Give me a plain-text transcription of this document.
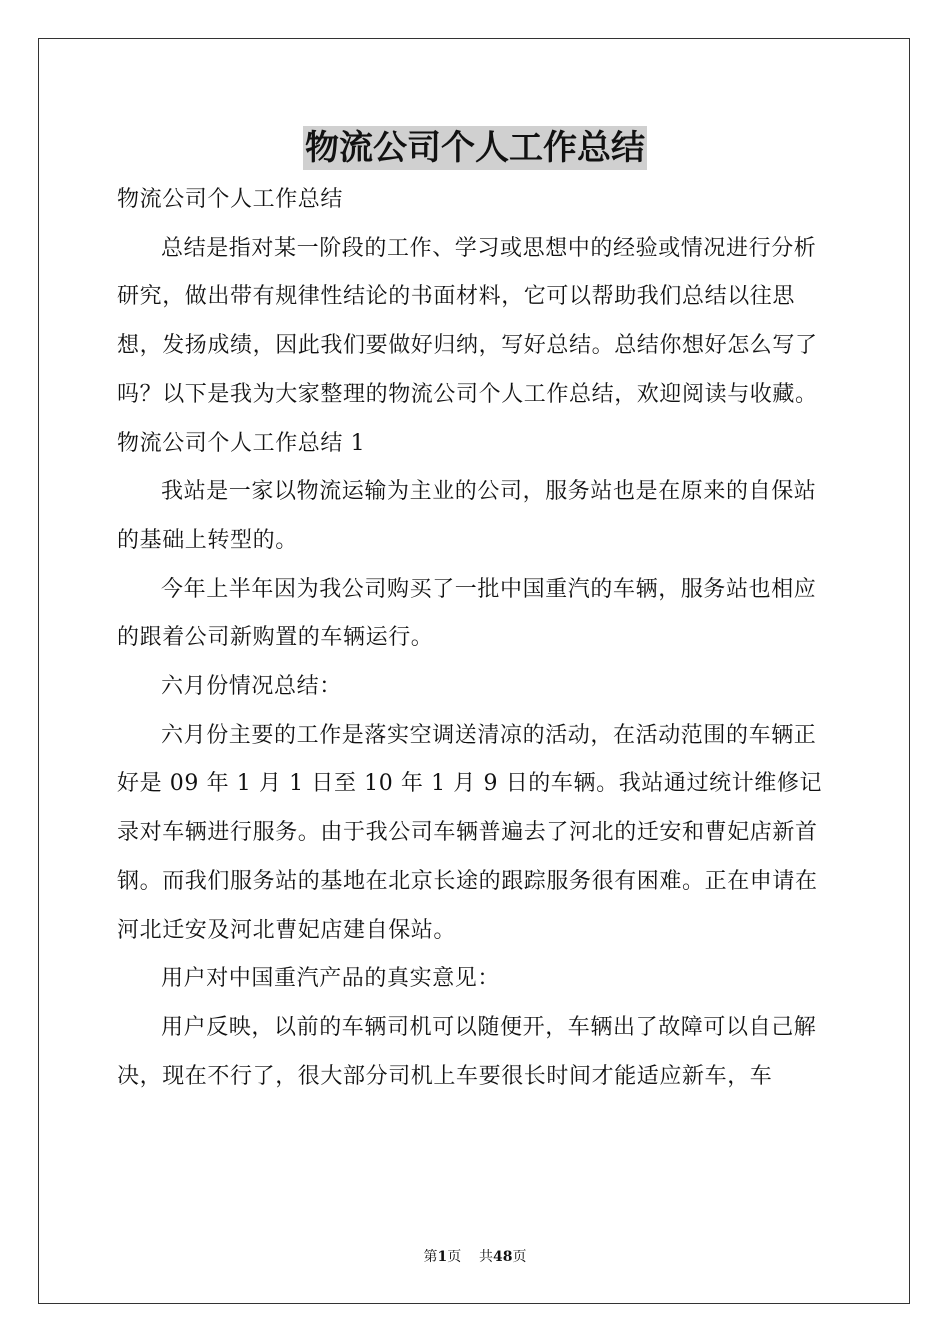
物流公司个人工作总结

物流公司个人工作总结

总结是指对某一阶段的工作、学习或思想中的经验或情况进行分析研究，做出带有规律性结论的书面材料，它可以帮助我们总结以往思想，发扬成绩，因此我们要做好归纳，写好总结。总结你想好怎么写了吗？以下是我为大家整理的物流公司个人工作总结，欢迎阅读与收藏。

物流公司个人工作总结 1

我站是一家以物流运输为主业的公司，服务站也是在原来的自保站的基础上转型的。

今年上半年因为我公司购买了一批中国重汽的车辆，服务站也相应的跟着公司新购置的车辆运行。

六月份情况总结：

六月份主要的工作是落实空调送清凉的活动，在活动范围的车辆正好是 09 年 1 月 1 日至 10 年 1 月 9 日的车辆。我站通过统计维修记录对车辆进行服务。由于我公司车辆普遍去了河北的迁安和曹妃店新首钢。而我们服务站的基地在北京长途的跟踪服务很有困难。正在申请在河北迁安及河北曹妃店建自保站。

用户对中国重汽产品的真实意见：

用户反映，以前的车辆司机可以随便开，车辆出了故障可以自己解决，现在不行了，很大部分司机上车要很长时间才能适应新车，车

第1页 共48页
